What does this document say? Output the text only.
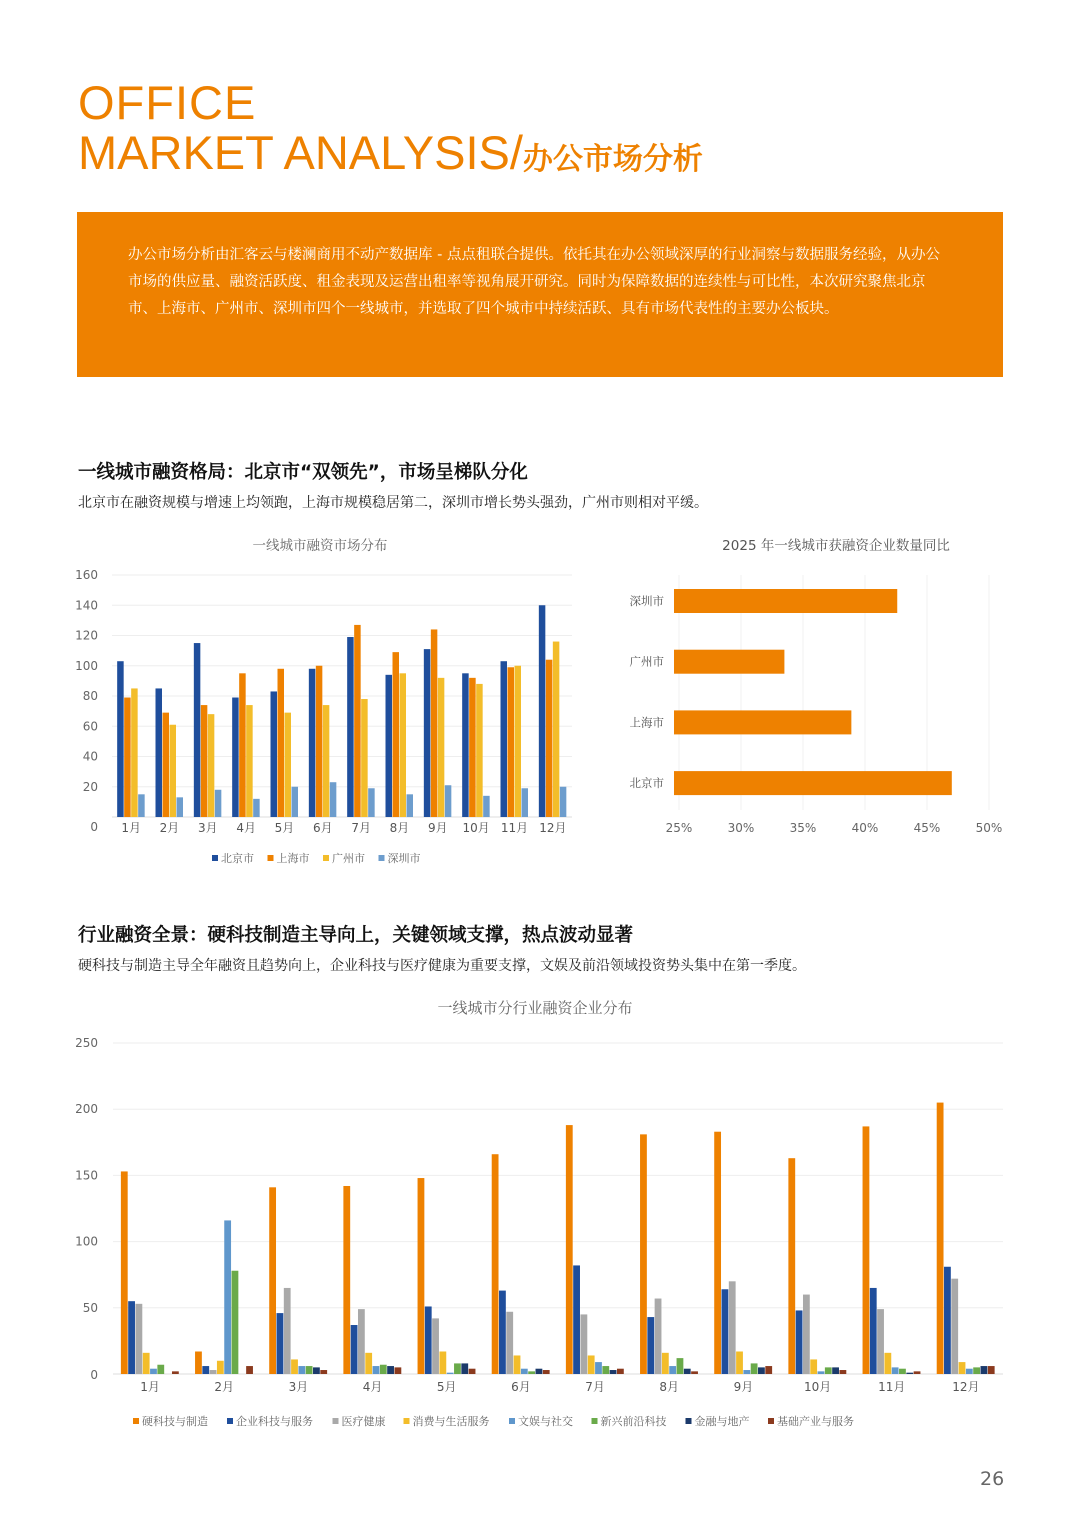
OFFICE
MARKET ANALYSIS/办公市场分析
办公市场分析由汇客云与楼澜商用不动产数据库 - 点点租联合提供。依托其在办公领域深厚的行业洞察与数据服务经验，从办公市场的供应量、融资活跃度、租金表现及运营出租率等视角展开研究。同时为保障数据的连续性与可比性，本次研究聚焦北京市、上海市、广州市、深圳市四个一线城市，并选取了四个城市中持续活跃、具有市场代表性的主要办公板块。
一线城市融资格局：北京市“双领先”，市场呈梯队分化
北京市在融资规模与增速上均领跑，上海市规模稳居第二，深圳市增长势头强劲，广州市则相对平缓。
一线城市融资市场分布
0
20
40
60
80
100
120
140
160
1月 2月 3月 4月 5月 6月 7月 8月 9月 10月 11月 12月
北京市 上海市 广州市 深圳市
2025 年一线城市获融资企业数量同比
25%	30%	35%	40%	45%	50%
深圳市
广州市
上海市
北京市
行业融资全景：硬科技制造主导向上，关键领域支撑，热点波动显著
硬科技与制造主导全年融资且趋势向上，企业科技与医疗健康为重要支撑，文娱及前沿领域投资势头集中在第一季度。
一线城市分行业融资企业分布
0
50
100
150
200
250
1月	2月	3月	4月	5月	6月	7月	8月	9月	10月	11月	12月
硬科技与制造	企业科技与服务	医疗健康 消费与生活服务	文娱与社交	新兴前沿科技	金融与地产	基础产业与服务
26
